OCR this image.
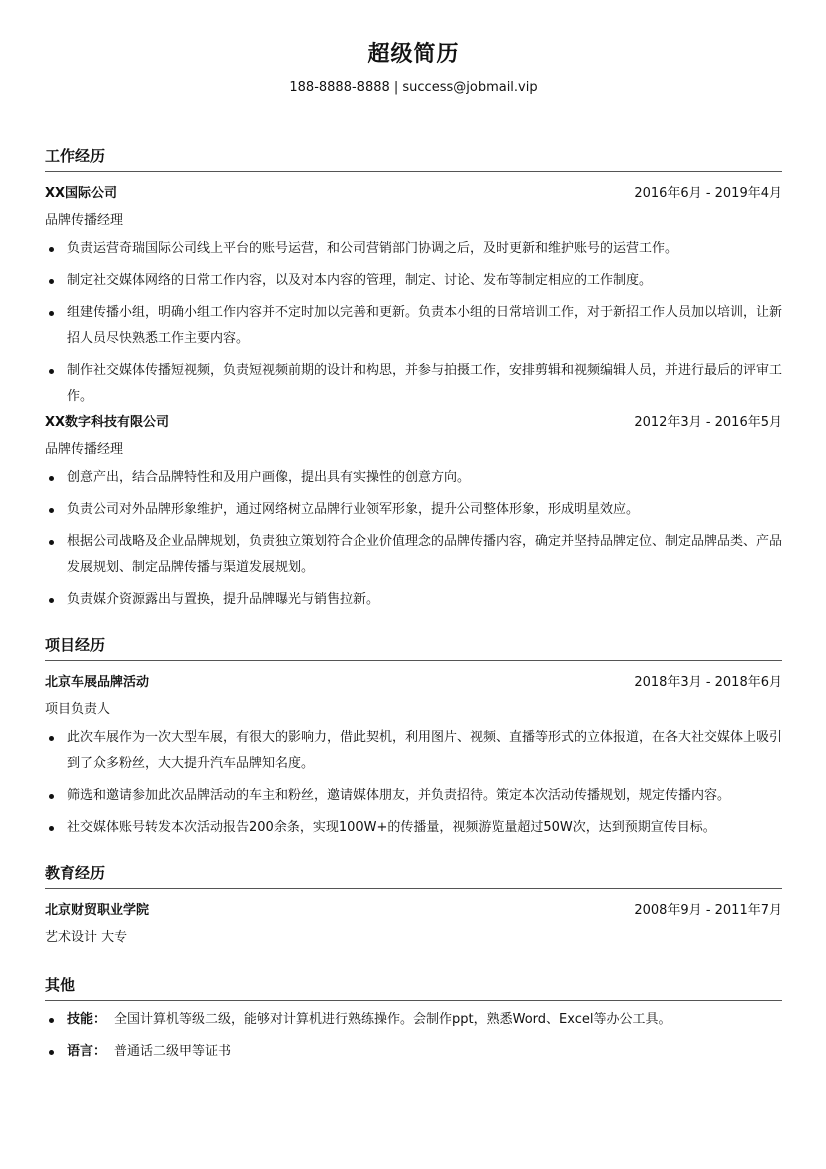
超级简历
188-8888-8888 | success@jobmail.vip
工作经历
XX国际公司	2016年6月 - 2019年4月
品牌传播经理
负责运营奇瑞国际公司线上平台的账号运营，和公司营销部门协调之后，及时更新和维护账号的运营工作。
制定社交媒体网络的日常工作内容，以及对本内容的管理，制定、讨论、发布等制定相应的工作制度。
组建传播小组，明确小组工作内容并不定时加以完善和更新。负责本小组的日常培训工作，对于新招工作人员加以培训，让新招人员尽快熟悉工作主要内容。
制作社交媒体传播短视频，负责短视频前期的设计和构思，并参与拍摄工作，安排剪辑和视频编辑人员，并进行最后的评审工作。
XX数字科技有限公司	2012年3月 - 2016年5月
品牌传播经理
创意产出，结合品牌特性和及用户画像，提出具有实操性的创意方向。
负责公司对外品牌形象维护，通过网络树立品牌行业领军形象，提升公司整体形象，形成明星效应。
根据公司战略及企业品牌规划，负责独立策划符合企业价值理念的品牌传播内容，确定并坚持品牌定位、制定品牌品类、产品发展规划、制定品牌传播与渠道发展规划。
负责媒介资源露出与置换，提升品牌曝光与销售拉新。
项目经历
北京车展品牌活动	2018年3月 - 2018年6月
项目负责人
此次车展作为一次大型车展，有很大的影响力，借此契机，利用图片、视频、直播等形式的立体报道，在各大社交媒体上吸引到了众多粉丝，大大提升汽车品牌知名度。
筛选和邀请参加此次品牌活动的车主和粉丝，邀请媒体朋友，并负责招待。策定本次活动传播规划，规定传播内容。
社交媒体账号转发本次活动报告200余条，实现100W+的传播量，视频游览量超过50W次，达到预期宣传目标。
教育经历
北京财贸职业学院	2008年9月 - 2011年7月
艺术设计 大专
其他
技能： 全国计算机等级二级，能够对计算机进行熟练操作。会制作ppt，熟悉Word、Excel等办公工具。
语言： 普通话二级甲等证书
